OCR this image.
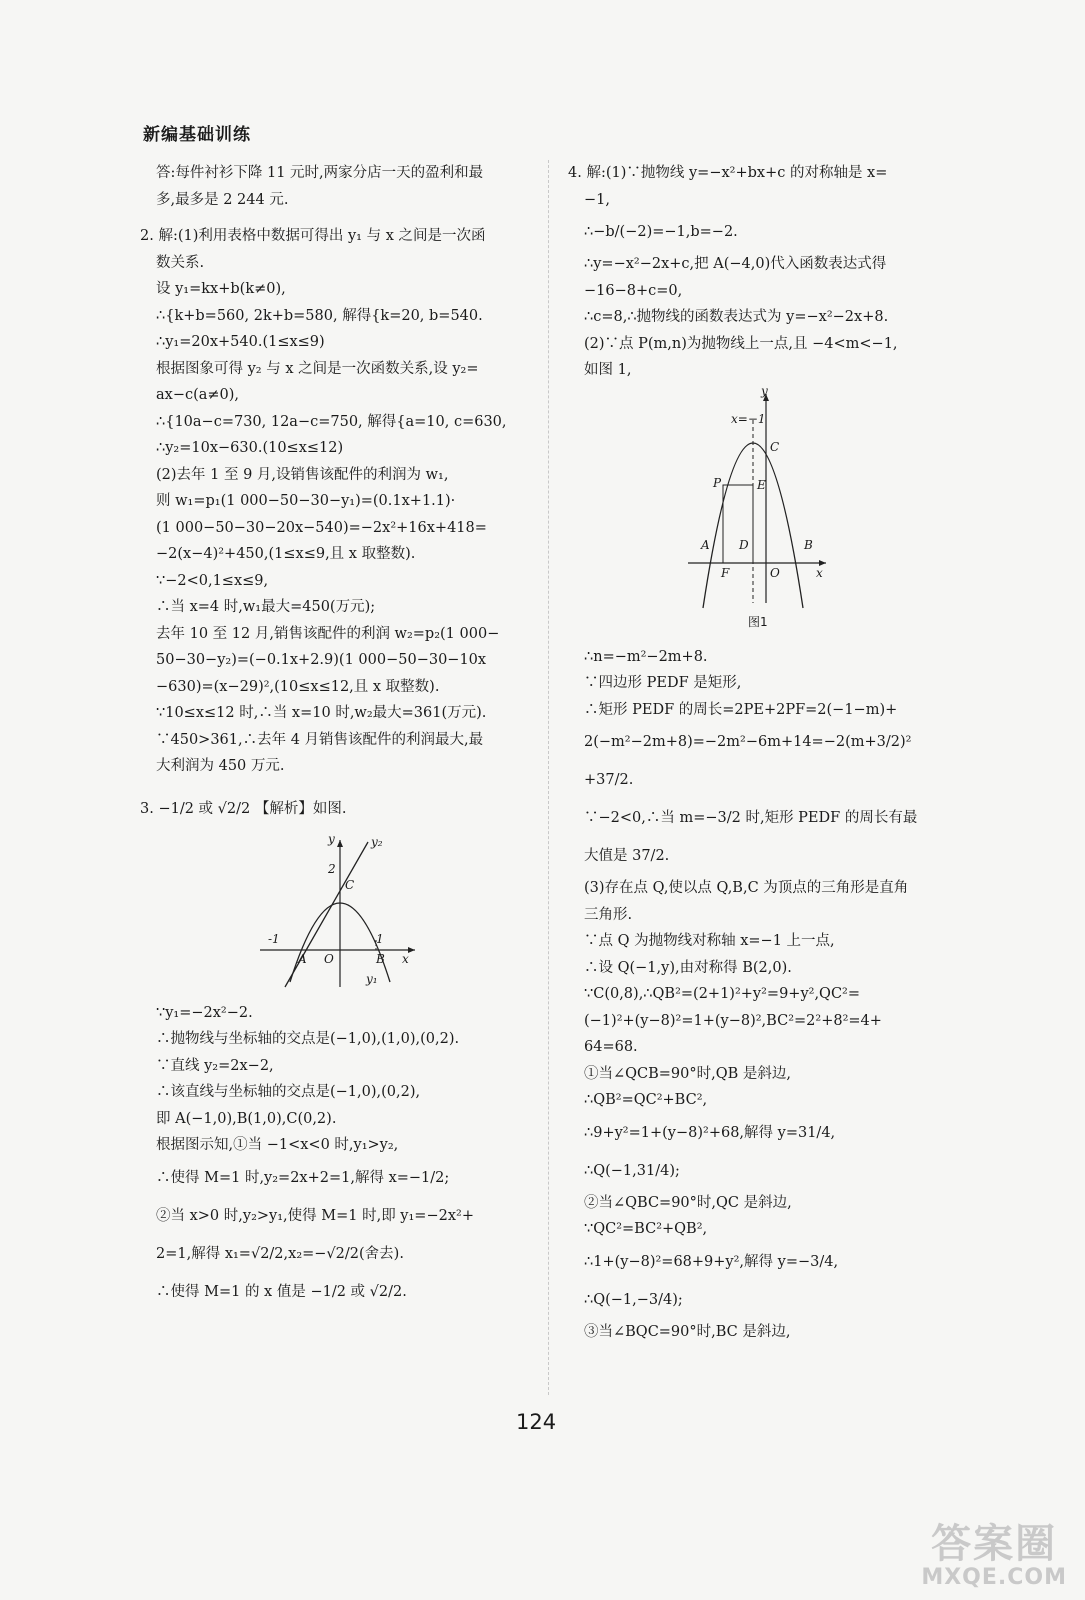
新编基础训练
答:每件衬衫下降 11 元时,两家分店一天的盈利和最
多,最多是 2 244 元.
2. 解:(1)利用表格中数据可得出 y₁ 与 x 之间是一次函
数关系.
设 y₁=kx+b(k≠0),
∴{k+b=560, 2k+b=580, 解得{k=20, b=540.
∴y₁=20x+540.(1≤x≤9)
根据图象可得 y₂ 与 x 之间是一次函数关系,设 y₂=
ax−c(a≠0),
∴{10a−c=730, 12a−c=750, 解得{a=10, c=630,
∴y₂=10x−630.(10≤x≤12)
(2)去年 1 至 9 月,设销售该配件的利润为 w₁,
则 w₁=p₁(1 000−50−30−y₁)=(0.1x+1.1)·
(1 000−50−30−20x−540)=−2x²+16x+418=
−2(x−4)²+450,(1≤x≤9,且 x 取整数).
∵−2<0,1≤x≤9,
∴当 x=4 时,w₁最大=450(万元);
去年 10 至 12 月,销售该配件的利润 w₂=p₂(1 000−
50−30−y₂)=(−0.1x+2.9)(1 000−50−30−10x
−630)=(x−29)²,(10≤x≤12,且 x 取整数).
∵10≤x≤12 时,∴当 x=10 时,w₂最大=361(万元).
∵450>361,∴去年 4 月销售该配件的利润最大,最
大利润为 450 万元.
3. −1/2 或 √2/2 【解析】如图.
y	y₂
2
C
-1	1
A O	B x
y₁
∵y₁=−2x²−2.
∴抛物线与坐标轴的交点是(−1,0),(1,0),(0,2).
∵直线 y₂=2x−2,
∴该直线与坐标轴的交点是(−1,0),(0,2),
即 A(−1,0),B(1,0),C(0,2).
根据图示知,①当 −1<x<0 时,y₁>y₂,
∴使得 M=1 时,y₂=2x+2=1,解得 x=−1/2;
②当 x>0 时,y₂>y₁,使得 M=1 时,即 y₁=−2x²+
2=1,解得 x₁=√2/2,x₂=−√2/2(舍去).
∴使得 M=1 的 x 值是 −1/2 或 √2/2.
4. 解:(1)∵抛物线 y=−x²+bx+c 的对称轴是 x=
−1,
∴−b/(−2)=−1,b=−2.
∴y=−x²−2x+c,把 A(−4,0)代入函数表达式得
−16−8+c=0,
∴c=8,∴抛物线的函数表达式为 y=−x²−2x+8.
(2)∵点 P(m,n)为抛物线上一点,且 −4<m<−1,
如图 1,
y
x=−1
C
P	E
A D	B
F	O	x
图1
∴n=−m²−2m+8.
∵四边形 PEDF 是矩形,
∴矩形 PEDF 的周长=2PE+2PF=2(−1−m)+
2(−m²−2m+8)=−2m²−6m+14=−2(m+3/2)²
+37/2.
∵−2<0,∴当 m=−3/2 时,矩形 PEDF 的周长有最
大值是 37/2.
(3)存在点 Q,使以点 Q,B,C 为顶点的三角形是直角
三角形.
∵点 Q 为抛物线对称轴 x=−1 上一点,
∴设 Q(−1,y),由对称得 B(2,0).
∵C(0,8),∴QB²=(2+1)²+y²=9+y²,QC²=
(−1)²+(y−8)²=1+(y−8)²,BC²=2²+8²=4+
64=68.
①当∠QCB=90°时,QB 是斜边,
∴QB²=QC²+BC²,
∴9+y²=1+(y−8)²+68,解得 y=31/4,
∴Q(−1,31/4);
②当∠QBC=90°时,QC 是斜边,
∵QC²=BC²+QB²,
∴1+(y−8)²=68+9+y²,解得 y=−3/4,
∴Q(−1,−3/4);
③当∠BQC=90°时,BC 是斜边,
124
答案圈
MXQE.COM
